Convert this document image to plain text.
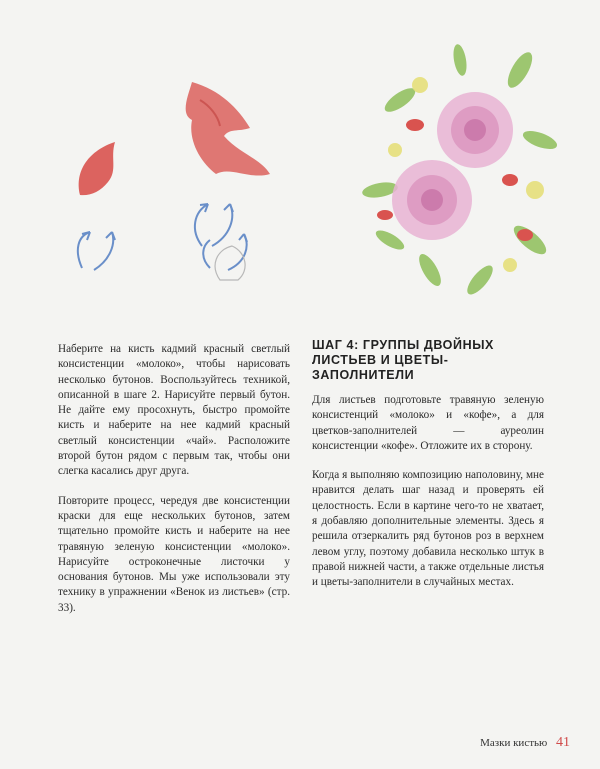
Наберите на кисть кадмий красный светлый консистенции «молоко», чтобы нарисовать несколько бутонов. Воспользуйтесь техникой, описанной в шаге 2. Нарисуйте первый бутон. Не дайте ему просохнуть, быстро промойте кисть и наберите на нее кадмий красный светлый консистенции «чай». Расположите второй бутон рядом с первым так, чтобы они слегка касались друг друга.

Повторите процесс, чередуя две консистенции краски для еще нескольких бутонов, затем тщательно промойте кисть и наберите на нее травяную зеленую консистенции «молоко». Нарисуйте остроконечные листочки у основания бутонов. Мы уже использовали эту технику в упражнении «Венок из листьев» (стр. 33).

ШАГ 4: ГРУППЫ ДВОЙНЫХ ЛИСТЬЕВ И ЦВЕТЫ-ЗАПОЛНИТЕЛИ

Для листьев подготовьте травяную зеленую консистенций «молоко» и «кофе», а для цветков-заполнителей — ауреолин консистенции «кофе». Отложите их в сторону.

Когда я выполняю композицию наполовину, мне нравится делать шаг назад и проверять ей целостность. Если в картине чего-то не хватает, я добавляю дополнительные элементы. Здесь я решила отзеркалить ряд бутонов роз в верхнем левом углу, поэтому добавила несколько штук в правой нижней части, а также отдельные листья и цветы-заполнители в случайных местах.

Мазки кистью 41
